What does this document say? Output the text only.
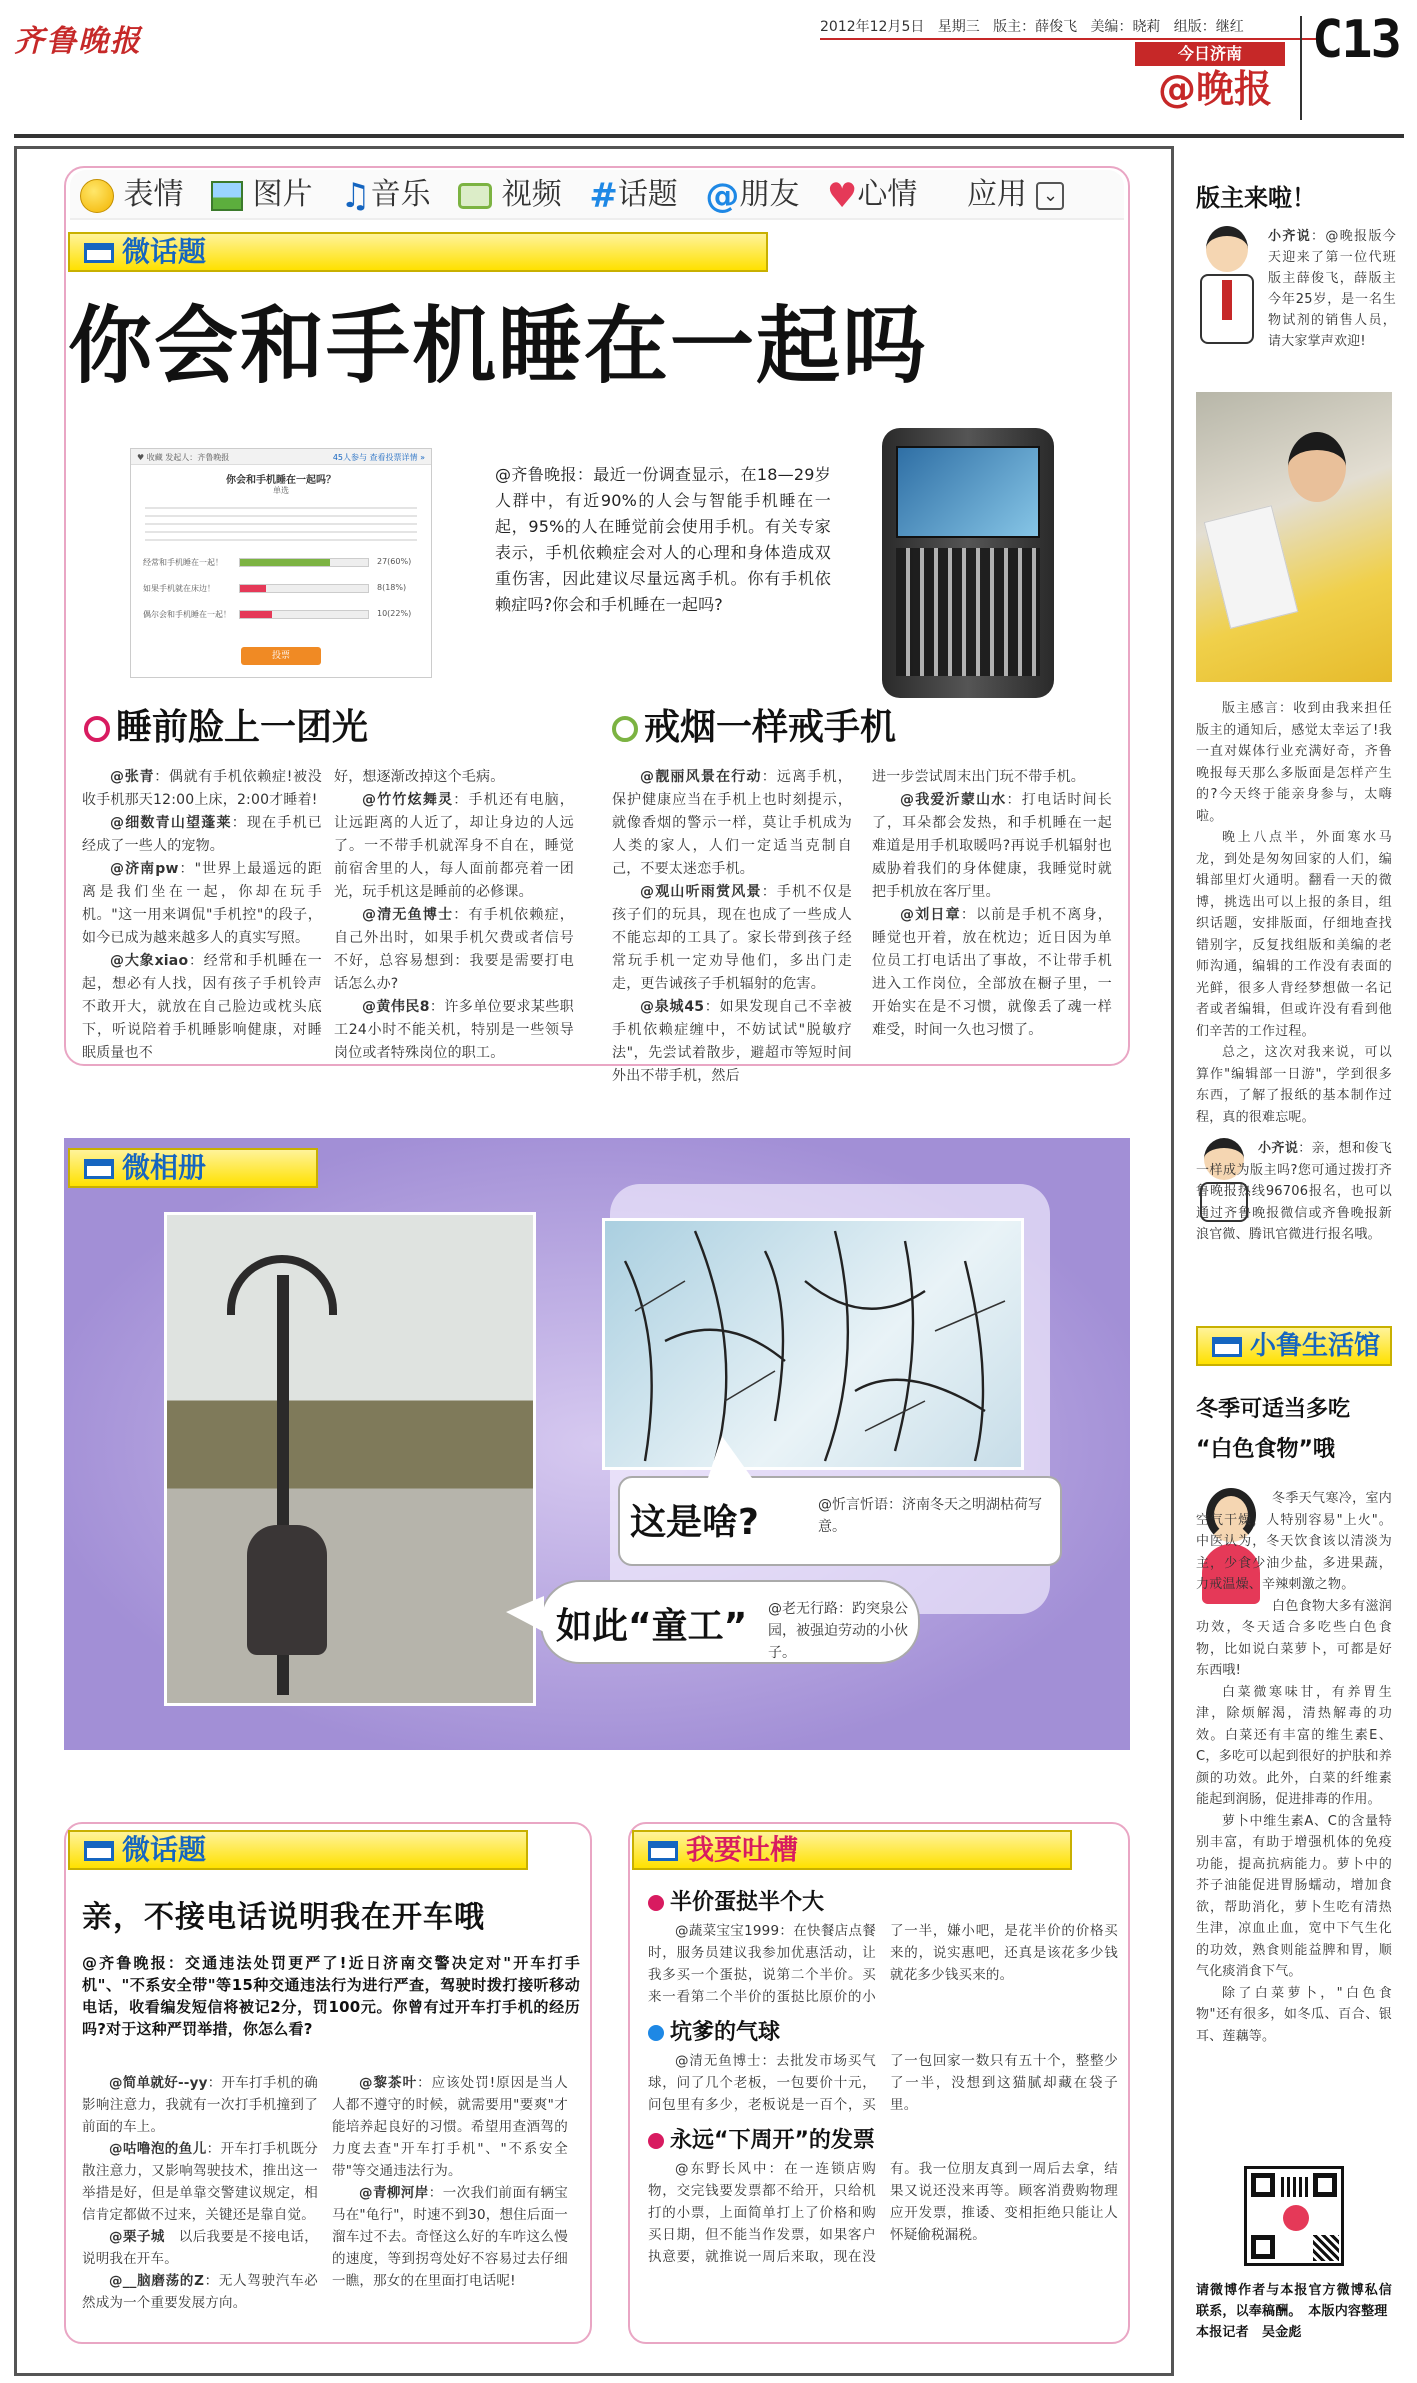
齐鲁晚报	2012年12月5日 星期三 版主：薛俊飞 美编：晓莉 组版：继红
今日济南
@晚报
C13
表情 图片 ♫音乐 视频 #话题 @朋友 ♥心情 应用 ⌄
微话题
你会和手机睡在一起吗
♥ 收藏 发起人：齐鲁晚报	45人参与 查看投票详情 »
你会和手机睡在一起吗？
单选
经常和手机睡在一起！	27(60%)
如果手机就在床边！	8(18%)
偶尔会和手机睡在一起！	10(22%)
投票
@齐鲁晚报：最近一份调查显示，在18—29岁人群中，有近90%的人会与智能手机睡在一起，95%的人在睡觉前会使用手机。有关专家表示，手机依赖症会对人的心理和身体造成双重伤害，因此建议尽量远离手机。你有手机依赖症吗?你会和手机睡在一起吗?
睡前脸上一团光	戒烟一样戒手机

@张青：偶就有手机依赖症!被没收手机那天12:00上床，2:00才睡着!

@细数青山望蓬莱：现在手机已经成了一些人的宠物。

@济南pw："世界上最遥远的距离是我们坐在一起，你却在玩手机。"这一用来调侃"手机控"的段子，如今已成为越来越多人的真实写照。

@大象xiao：经常和手机睡在一起，想必有人找，因有孩子手机铃声不敢开大，就放在自己脸边或枕头底下，听说陪着手机睡影响健康，对睡眠质量也不

好，想逐渐改掉这个毛病。

@竹竹炫舞灵：手机还有电脑，让远距离的人近了，却让身边的人远了。一不带手机就浑身不自在，睡觉前宿舍里的人，每人面前都亮着一团光，玩手机这是睡前的必修课。

@清无鱼博士：有手机依赖症，自己外出时，如果手机欠费或者信号不好，总容易想到：我要是需要打电话怎么办?

@黄伟民8：许多单位要求某些职工24小时不能关机，特别是一些领导岗位或者特殊岗位的职工。

@靓丽风景在行动：远离手机，保护健康应当在手机上也时刻提示，就像香烟的警示一样，莫让手机成为人类的家人，人们一定适当克制自己，不要太迷恋手机。

@观山听雨赏风景：手机不仅是孩子们的玩具，现在也成了一些成人不能忘却的工具了。家长带到孩子经常玩手机一定劝导他们，多出门走走，更告诫孩子手机辐射的危害。

@泉城45：如果发现自己不幸被手机依赖症缠中，不妨试试"脱敏疗法"，先尝试着散步，避超市等短时间外出不带手机，然后

进一步尝试周末出门玩不带手机。

@我爱沂蒙山水：打电话时间长了，耳朵都会发热，和手机睡在一起难道是用手机取暖吗?再说手机辐射也威胁着我们的身体健康，我睡觉时就把手机放在客厅里。

@刘日章：以前是手机不离身，睡觉也开着，放在枕边；近日因为单位员工打电话出了事故，不让带手机进入工作岗位，全部放在橱子里，一开始实在是不习惯，就像丢了魂一样难受，时间一久也习惯了。

微相册
这是啥?	@忻言忻语：济南冬天之明湖枯荷写意。
如此“童工” @老无行路：趵突泉公园，被强迫劳动的小伙子。
微话题
亲，不接电话说明我在开车哦
@齐鲁晚报：交通违法处罚更严了!近日济南交警决定对"开车打手机"、"不系安全带"等15种交通违法行为进行严查，驾驶时拨打接听移动电话，收看编发短信将被记2分，罚100元。你曾有过开车打手机的经历吗?对于这种严罚举措，你怎么看?

@简单就好--yy：开车打手机的确影响注意力，我就有一次打手机撞到了前面的车上。

@咕噜泡的鱼儿：开车打手机既分散注意力，又影响驾驶技术，推出这一举措是好，但是单靠交警建议规定，相信肯定都做不过来，关键还是靠自觉。

@栗子城　以后我要是不接电话，说明我在开车。

@__脑磨荡的Z：无人驾驶汽车必然成为一个重要发展方向。

@黎茶叶：应该处罚!原因是当人人都不遵守的时候，就需要用"要爽"才能培养起良好的习惯。希望用查酒驾的力度去查"开车打手机"、"不系安全带"等交通违法行为。

@青柳河岸：一次我们前面有辆宝马在"龟行"，时速不到30，想住后面一溜车过不去。奇怪这么好的车咋这么慢的速度，等到拐弯处好不容易过去仔细一瞧，那女的在里面打电话呢!

我要吐槽
半价蛋挞半个大
@蔬菜宝宝1999：在快餐店点餐时，服务员建议我参加优惠活动，让我多买一个蛋挞，说第二个半价。买来一看第二个半价的蛋挞比原价的小了一半，嫌小吧，是花半价的价格买来的，说实惠吧，还真是该花多少钱就花多少钱买来的。
坑爹的气球
@清无鱼博士：去批发市场买气球，问了几个老板，一包要价十元，问包里有多少，老板说是一百个，买了一包回家一数只有五十个，整整少了一半，没想到这猫腻却藏在袋子里。
永远“下周开”的发票
@东野长风中：在一连锁店购物，交完钱要发票都不给开，只给机打的小票，上面简单打上了价格和购买日期，但不能当作发票，如果客户执意要，就推说一周后来取，现在没有。我一位朋友真到一周后去拿，结果又说还没来再等。顾客消费购物理应开发票，推诿、变相拒绝只能让人怀疑偷税漏税。
版主来啦！
小齐说：@晚报版今天迎来了第一位代班版主薛俊飞，薛版主今年25岁，是一名生物试剂的销售人员，请大家掌声欢迎!

版主感言：收到由我来担任版主的通知后，感觉太幸运了!我一直对媒体行业充满好奇，齐鲁晚报每天那么多版面是怎样产生的?今天终于能亲身参与，太嗨啦。

晚上八点半，外面寒水马龙，到处是匆匆回家的人们，编辑部里灯火通明。翻看一天的微博，挑选出可以上报的条目，组织话题，安排版面，仔细地查找错别字，反复找组版和美编的老师沟通，编辑的工作没有表面的光鲜，很多人背经梦想做一名记者或者编辑，但或许没有看到他们辛苦的工作过程。

总之，这次对我来说，可以算作"编辑部一日游"，学到很多东西，了解了报纸的基本制作过程，真的很难忘呢。

小齐说：亲，想和俊飞一样成为版主吗?您可通过拨打齐鲁晚报热线96706报名，也可以通过齐鲁晚报微信或齐鲁晚报新浪官微、腾讯官微进行报名哦。
小鲁生活馆
冬季可适当多吃
“白色食物”哦

冬季天气寒冷，室内空气干燥，人特别容易"上火"。中医认为，冬天饮食该以清淡为主，少食少油少盐，多进果蔬，力戒温燥、辛辣刺激之物。

白色食物大多有滋润功效，冬天适合多吃些白色食物，比如说白菜萝卜，可都是好东西哦!

白菜微寒味甘，有养胃生津，除烦解渴，清热解毒的功效。白菜还有丰富的维生素E、C，多吃可以起到很好的护肤和养颜的功效。此外，白菜的纤维素能起到润肠，促进排毒的作用。

萝卜中维生素A、C的含量特别丰富，有助于增强机体的免疫功能，提高抗病能力。萝卜中的芥子油能促进胃肠蠕动，增加食欲，帮助消化，萝卜生吃有清热生津，凉血止血，宽中下气生化的功效，熟食则能益脾和胃，顺气化痰消食下气。

除了白菜萝卜，"白色食物"还有很多，如冬瓜、百合、银耳、莲藕等。

请微博作者与本报官方微博私信联系，以奉稿酬。　本版内容整理
本报记者　吴金彪
